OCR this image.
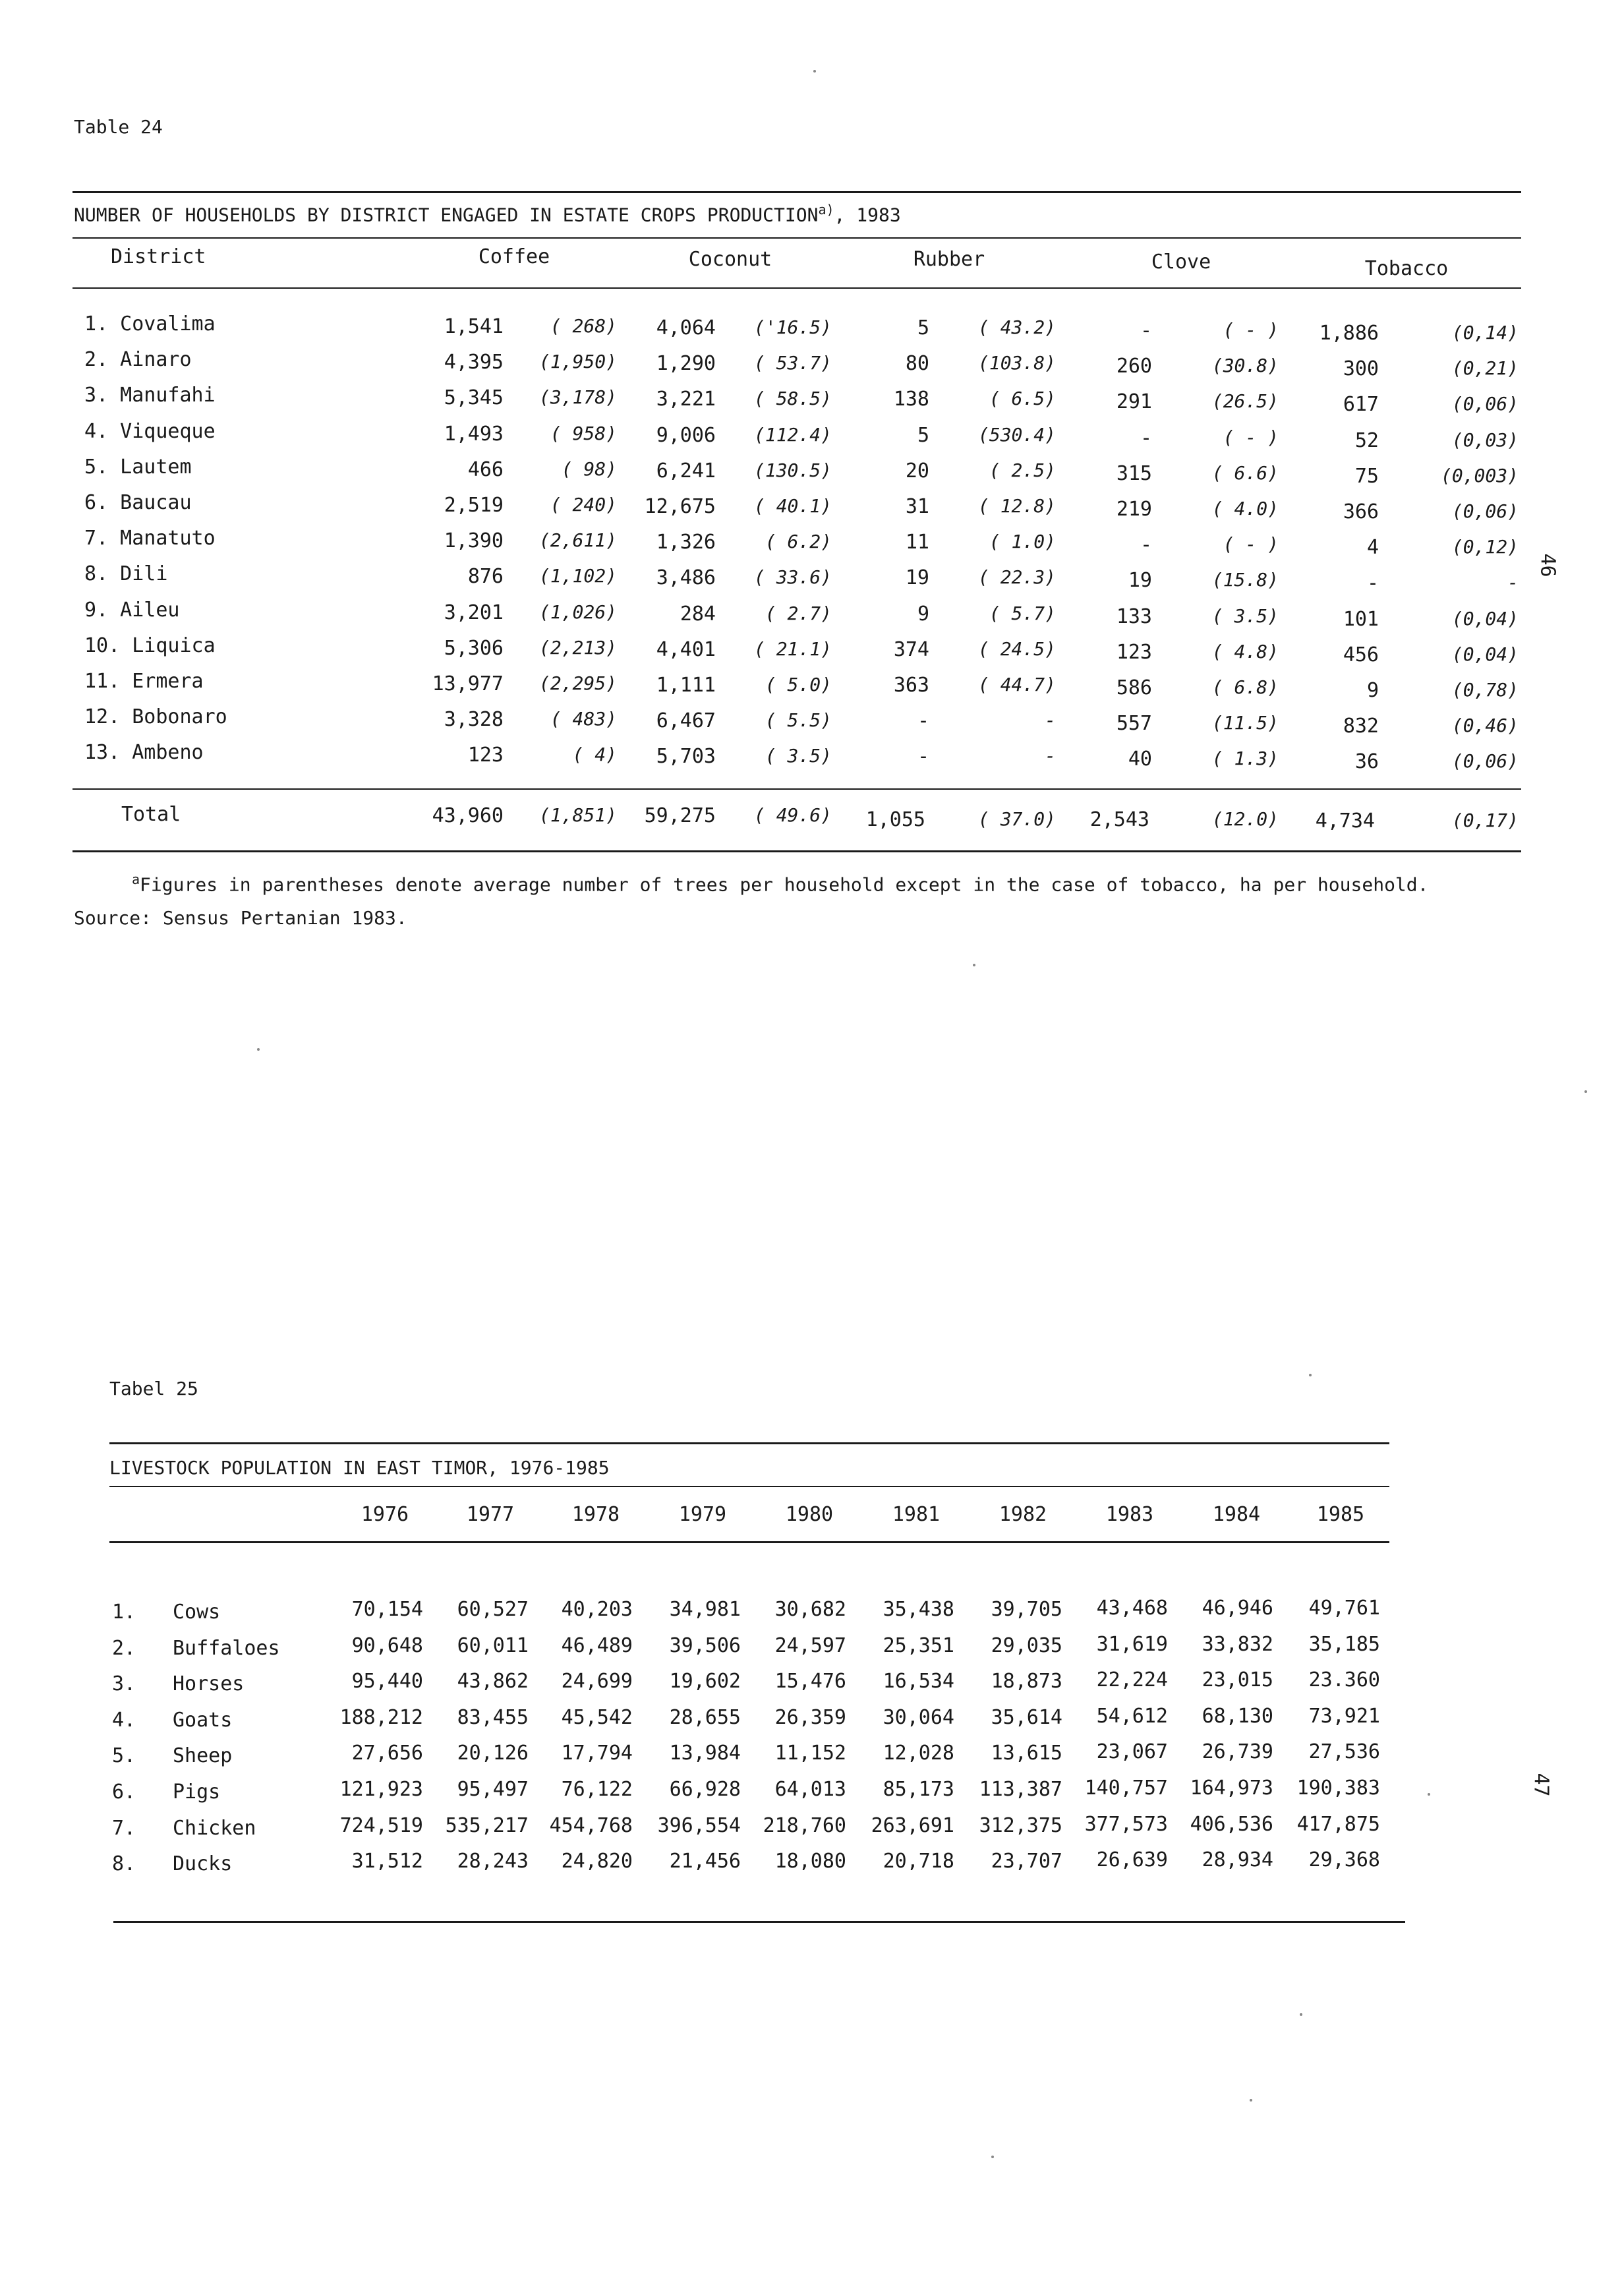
Table 24
NUMBER OF HOUSEHOLDS BY DISTRICT ENGAGED IN ESTATE CROPS PRODUCTION$^{a)}$, 1983
District	Coffee	Coconut	Rubber	Clove	Tobacco
1. Covalima	1,541	( 268)	4,064	('16.5)	5	( 43.2)	-	( - )	1,886	(0,14)
2. Ainaro	4,395	(1,950)	1,290	( 53.7)	80	(103.8)	260	(30.8)	300	(0,21)
3. Manufahi	5,345	(3,178)	3,221	( 58.5)	138	( 6.5)	291	(26.5)	617	(0,06)
4. Viqueque	1,493	( 958)	9,006	(112.4)	5	(530.4)	-	( - )	52	(0,03)
5. Lautem	466	( 98)	6,241	(130.5)	20	( 2.5)	315	( 6.6)	75	(0,003)
6. Baucau	2,519	( 240)	12,675	( 40.1)	31	( 12.8)	219	( 4.0)	366	(0,06)
7. Manatuto	1,390	(2,611)	1,326	( 6.2)	11	( 1.0)	-	( - )	4	(0,12)
8. Dili	876	(1,102)	3,486	( 33.6)	19	( 22.3)	19	(15.8)	-	-
9. Aileu	3,201	(1,026)	284	( 2.7)	9	( 5.7)	133	( 3.5)	101	(0,04)
10. Liquica	5,306	(2,213)	4,401	( 21.1)	374	( 24.5)	123	( 4.8)	456	(0,04)
11. Ermera	13,977	(2,295)	1,111	( 5.0)	363	( 44.7)	586	( 6.8)	9	(0,78)
12. Bobonaro	3,328	( 483)	6,467	( 5.5)	-	-	557	(11.5)	832	(0,46)
13. Ambeno	123	( 4)	5,703	( 3.5)	-	-	40	( 1.3)	36	(0,06)
Total	43,960	(1,851)	59,275	( 49.6)	1,055	( 37.0)	2,543	(12.0)	4,734	(0,17)
$^a$Figures in parentheses denote average number of trees per household except in the case of tobacco, ha per household.
Source: Sensus Pertanian 1983.
Tabel 25
LIVESTOCK POPULATION IN EAST TIMOR, 1976-1985
1976	1977	1978	1979	1980	1981	1982	1983	1984	1985
1. Cows	70,154	60,527	40,203	34,981	30,682	35,438	39,705	43,468	46,946	49,761
2. Buffaloes	90,648	60,011	46,489	39,506	24,597	25,351	29,035	31,619	33,832	35,185
3. Horses	95,440	43,862	24,699	19,602	15,476	16,534	18,873	22,224	23,015	23.360
4. Goats	188,212	83,455	45,542	28,655	26,359	30,064	35,614	54,612	68,130	73,921
5. Sheep	27,656	20,126	17,794	13,984	11,152	12,028	13,615	23,067	26,739	27,536
6. Pigs	121,923	95,497	76,122	66,928	64,013	85,173	113,387	140,757	164,973	190,383
7. Chicken	724,519	535,217	454,768	396,554	218,760	263,691	312,375	377,573	406,536	417,875
8. Ducks	31,512	28,243	24,820	21,456	18,080	20,718	23,707	26,639	28,934	29,368
46
47
